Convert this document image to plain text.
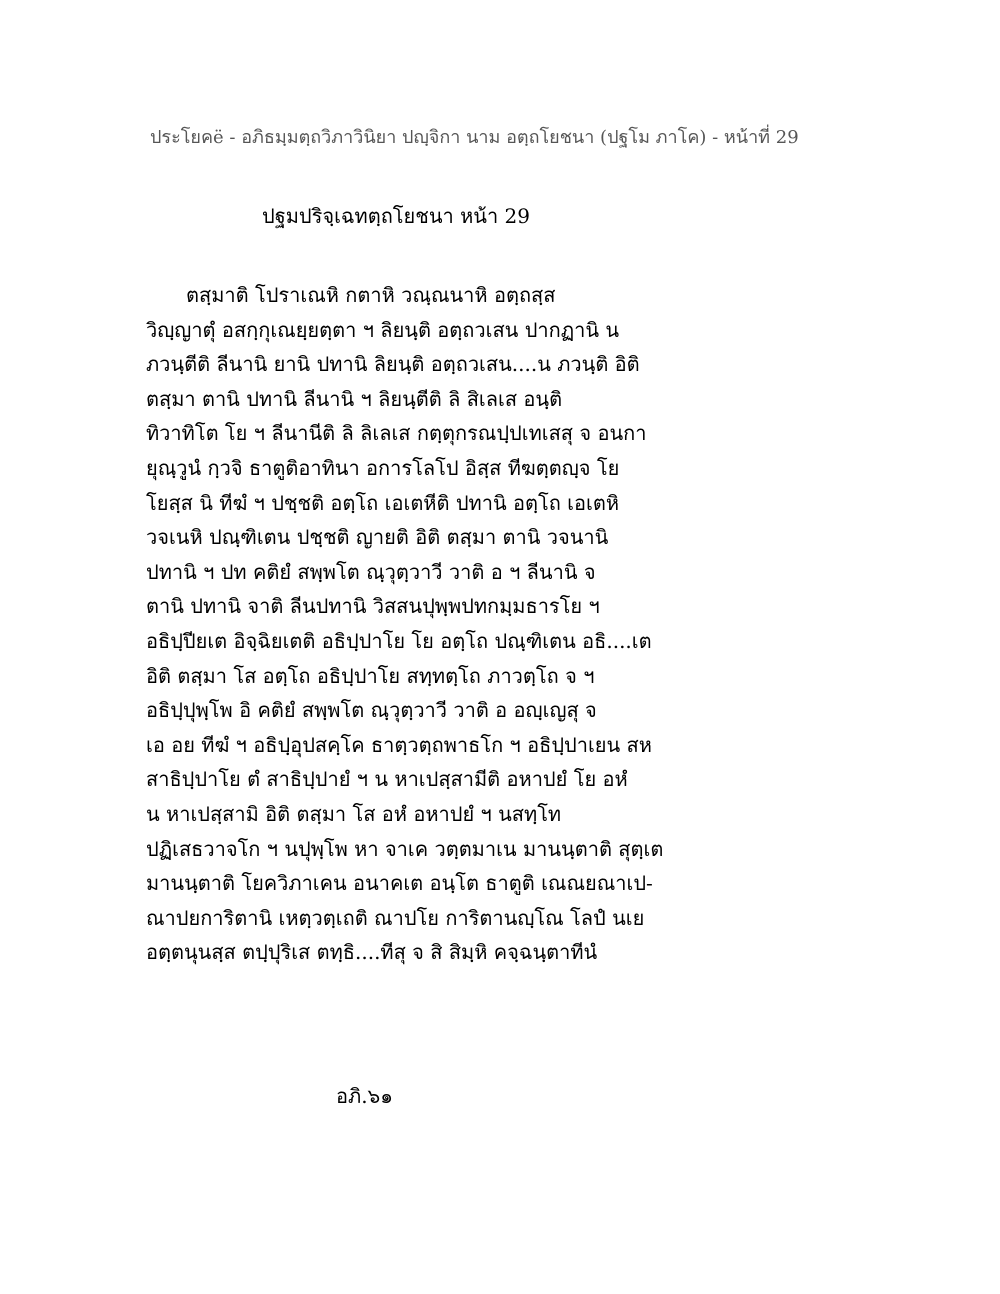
ประโยคë - อภิธมฺมตฺถวิภาวินิยา ปญฺจิกา นาม อตฺถโยชนา (ปฐโม ภาโค) - หน้าที่ 29
ปฐมปริจฺเฉทตฺถโยชนา หน้า 29
ตสฺมาติ โปราเณหิ กตาหิ วณฺณนาหิ อตฺถสฺส
วิญฺญาตุํ อสกฺกุเณยฺยตฺตา ฯ ลิยนฺติ อตฺถวเสน ปากฏานิ น
ภวนฺตีติ ลีนานิ ยานิ ปทานิ ลิยนฺติ อตฺถวเสน....น ภวนฺติ อิติ
ตสฺมา ตานิ ปทานิ ลีนานิ ฯ ลิยนฺตีติ ลิ สิเลเส อนฺติ
ทิวาทิโต โย ฯ ลีนานีติ ลิ ลิเลเส กตฺตุกรณปฺปเทเสสุ จ อนกา
ยุณฺวูนํ กฺวจิ ธาตูติอาทินา อการโลโป อิสฺส ทีฆตฺตญฺจ โย
โยสฺส นิ ทีฆํ ฯ ปชฺชติ อตฺโถ เอเตหีติ ปทานิ อตฺโถ เอเตหิ
วจเนหิ ปณฺฑิเตน ปชฺชติ ญายติ อิติ ตสฺมา ตานิ วจนานิ
ปทานิ ฯ ปท คติยํ สพฺพโต ณฺวุตฺวาวี วาติ อ ฯ ลีนานิ จ
ตานิ ปทานิ จาติ ลีนปทานิ วิสสนปุพฺพปทกมฺมธารโย ฯ
อธิปฺปียเต อิจฺฉิยเตติ อธิปฺปาโย โย อตฺโถ ปณฺฑิเตน อธิ....เต
อิติ ตสฺมา โส อตฺโถ อธิปฺปาโย สทฺทตฺโถ ภาวตฺโถ จ ฯ
อธิปฺปุพฺโพ อิ คติยํ สพฺพโต ณฺวุตฺวาวี วาติ อ อญฺเญสุ จ
เอ อย ทีฆํ ฯ อธิปฺอุปสคฺโค ธาตฺวตฺถพาธโก ฯ อธิปฺปาเยน สห
สาธิปฺปาโย ตํ สาธิปฺปายํ ฯ น หาเปสฺสามีติ อหาปยํ โย อหํ
น หาเปสฺสามิ อิติ ตสฺมา โส อหํ อหาปยํ ฯ นสทฺโท
ปฏิเสธวาจโก ฯ นปุพฺโพ หา จาเค วตฺตมาเน มานนฺตาติ สุตฺเต
มานนฺตาติ โยควิภาเคน อนาคเต อนฺโต ธาตูติ เณณยณาเป-
ณาปยการิตานิ เหตฺวตฺเถติ ณาปโย การิตานญฺโณ โลปํ นเย
อตฺตนุนสฺส ตปฺปุริเส ตทฺธิ....ทีสุ จ สิ สิมฺหิ คจฺฉนฺตาทีนํ
อภิ.๖๑
